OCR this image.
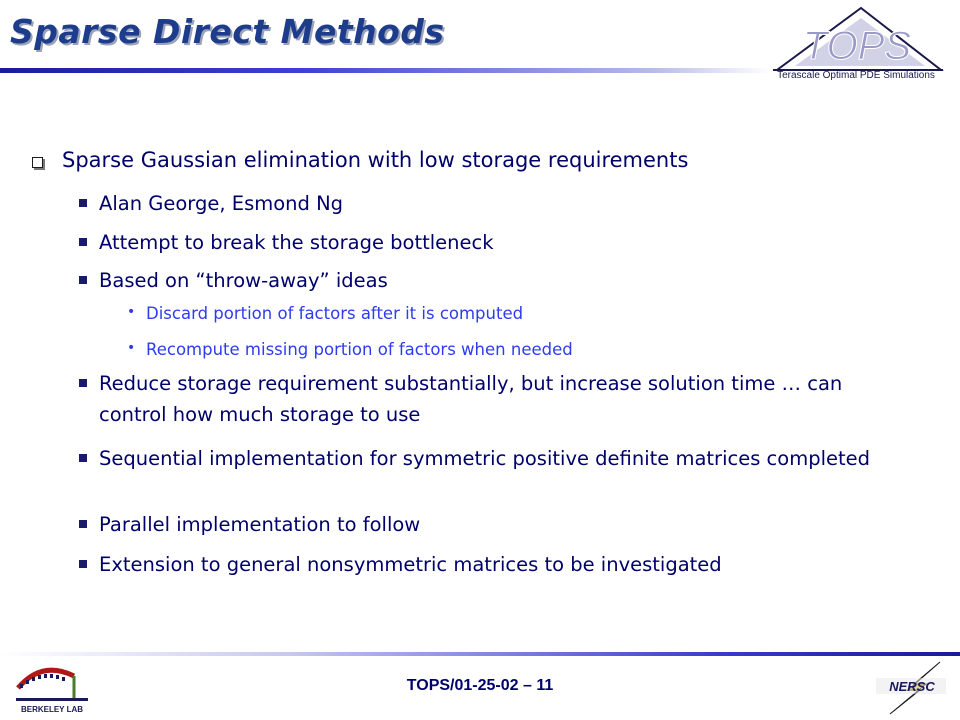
Sparse Direct Methods	TOPS
Terascale Optimal PDE Simulations
Sparse Gaussian elimination with low storage requirements
Alan George, Esmond Ng
Attempt to break the storage bottleneck
Based on “throw-away” ideas
• Discard portion of factors after it is computed
• Recompute missing portion of factors when needed
Reduce storage requirement substantially, but increase solution time … can control how much storage to use
Sequential implementation for symmetric positive definite matrices completed
Parallel implementation to follow
Extension to general nonsymmetric matrices to be investigated
TOPS/01-25-02 – 11
BERKELEY LAB
NERSC
